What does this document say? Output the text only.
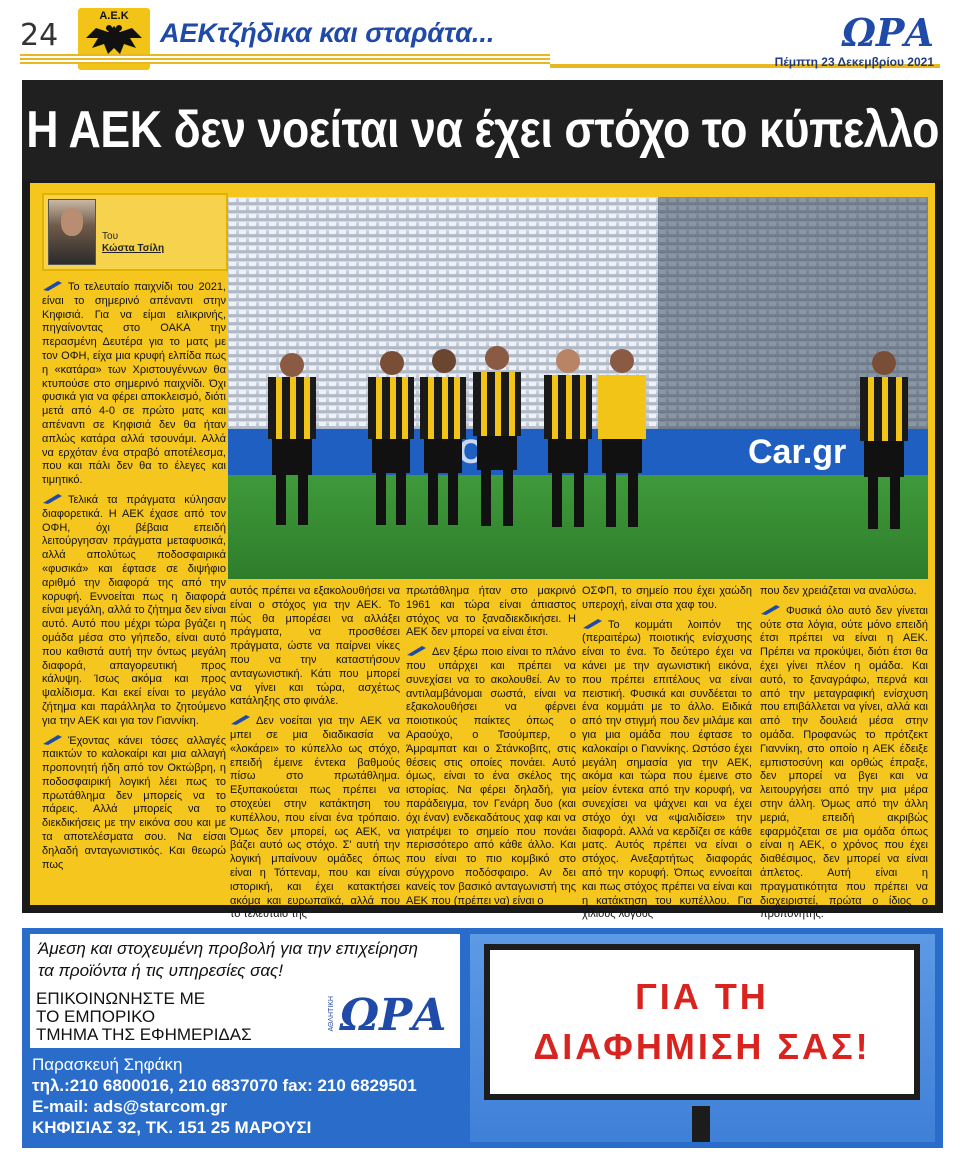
24
Α.Ε.Κ
AEKτζήδικα και σταράτα...	ΩΡΑ
Πέμπτη 23 Δεκεμβρίου 2021
Η ΑΕΚ δεν νοείται να έχει στόχο το κύπελλο
Του
Κώστα Τσίλη
Car.gr

Το τελευταίο παιχνίδι του 2021, είναι το σημερινό απέναντι στην Κηφισιά. Για να είμαι ειλικρινής, πηγαίνοντας στο ΟΑΚΑ την περασμένη Δευτέρα για το ματς με τον ΟΦΗ, είχα μια κρυφή ελπίδα πως η «κατάρα» των Χριστουγέννων θα κτυπούσε στο σημερινό παιχνίδι. Όχι φυσικά για να φέρει αποκλεισμό, διότι μετά από 4-0 σε πρώτο ματς και απέναντι σε Κηφισιά δεν θα ήταν απλώς κατάρα αλλά τσουνάμι. Αλλά να ερχόταν ένα στραβό αποτέλεσμα, που και πάλι δεν θα το έλεγες και τιμητικό.

Τελικά τα πράγματα κύλησαν διαφορετικά. Η ΑΕΚ έχασε από τον ΟΦΗ, όχι βέβαια επειδή λειτούργησαν πράγματα μεταφυσικά, αλλά απολύτως ποδοσφαιρικά «φυσικά» και έφτασε σε διψήφιο αριθμό την διαφορά της από την κορυφή. Εννοείται πως η διαφορά είναι μεγάλη, αλλά το ζήτημα δεν είναι αυτό. Αυτό που μέχρι τώρα βγάζει η ομάδα μέσα στο γήπεδο, είναι αυτό που καθιστά αυτή την όντως μεγάλη διαφορά, απαγορευτική προς κάλυψη. Ίσως ακόμα και προς ψαλίδισμα. Και εκεί είναι το μεγάλο ζήτημα και παράλληλα το ζητούμενο για την ΑΕΚ και για τον Γιαννίκη.

Έχοντας κάνει τόσες αλλαγές παικτών το καλοκαίρι και μια αλλαγή προπονητή ήδη από τον Οκτώβρη, η ποδοσφαιρική λογική λέει πως το πρωτάθλημα δεν μπορείς να το πάρεις. Αλλά μπορείς να το διεκδικήσεις με την εικόνα σου και με τα αποτελέσματα σου. Να είσαι δηλαδή ανταγωνιστικός. Και θεωρώ πως

αυτός πρέπει να εξακολουθήσει να είναι ο στόχος για την ΑΕΚ. Το πώς θα μπορέσει να αλλάξει πράγματα, να προσθέσει πράγματα, ώστε να παίρνει νίκες που να την καταστήσουν ανταγωνιστική. Κάτι που μπορεί να γίνει και τώρα, ασχέτως κατάληξης στο φινάλε.

Δεν νοείται για την ΑΕΚ να μπει σε μια διαδικασία να «λοκάρει» το κύπελλο ως στόχο, επειδή έμεινε έντεκα βαθμούς πίσω στο πρωτάθλημα. Εξυπακούεται πως πρέπει να στοχεύει στην κατάκτηση του κυπέλλου, που είναι ένα τρόπαιο. Όμως δεν μπορεί, ως ΑΕΚ, να βάζει αυτό ως στόχο. Σ' αυτή την λογική μπαίνουν ομάδες όπως είναι η Τόττεναμ, που και είναι ιστορική, και έχει κατακτήσει ακόμα και ευρωπαϊκά, αλλά που το τελευταίο της

πρωτάθλημα ήταν στο μακρινό 1961 και τώρα είναι άπιαστος στόχος να το ξαναδιεκδικήσει. Η ΑΕΚ δεν μπορεί να είναι έτσι.

Δεν ξέρω ποιο είναι το πλάνο που υπάρχει και πρέπει να συνεχίσει να το ακολουθεί. Αν το αντιλαμβάνομαι σωστά, είναι να εξακολουθήσει να φέρνει ποιοτικούς παίκτες όπως ο Αραούχο, ο Τσούμπερ, ο Άμραμπατ και ο Στάνκοβιτς, στις θέσεις στις οποίες πονάει. Αυτό όμως, είναι το ένα σκέλος της ιστορίας. Να φέρει δηλαδή, για παράδειγμα, τον Γενάρη δυο (και όχι έναν) ενδεκαδάτους χαφ και να γιατρέψει το σημείο που πονάει περισσότερο από κάθε άλλο. Και που είναι το πιο κομβικό στο σύγχρονο ποδόσφαιρο. Αν δει κανείς τον βασικό ανταγωνιστή της ΑΕΚ που (πρέπει να) είναι ο

ΟΣΦΠ, το σημείο που έχει χαώδη υπεροχή, είναι στα χαφ του.

Το κομμάτι λοιπόν της (περαιτέρω) ποιοτικής ενίσχυσης είναι το ένα. Το δεύτερο έχει να κάνει με την αγωνιστική εικόνα, που πρέπει επιτέλους να είναι πειστική. Φυσικά και συνδέεται το ένα κομμάτι με το άλλο. Ειδικά από την στιγμή που δεν μιλάμε και για μια ομάδα που έφτασε το καλοκαίρι ο Γιαννίκης. Ωστόσο έχει μεγάλη σημασία για την ΑΕΚ, ακόμα και τώρα που έμεινε στο μείον έντεκα από την κορυφή, να συνεχίσει να ψάχνει και να έχει στόχο όχι να «ψαλιδίσει» την διαφορά. Αλλά να κερδίζει σε κάθε ματς. Αυτός πρέπει να είναι ο στόχος. Ανεξαρτήτως διαφοράς από την κορυφή. Όπως εννοείται και πως στόχος πρέπει να είναι και η κατάκτηση του κυπέλλου. Για χίλιους λόγους

που δεν χρειάζεται να αναλύσω.

Φυσικά όλο αυτό δεν γίνεται ούτε στα λόγια, ούτε μόνο επειδή έτσι πρέπει να είναι η ΑΕΚ. Πρέπει να προκύψει, διότι έτσι θα έχει γίνει πλέον η ομάδα. Και αυτό, το ξαναγράφω, περνά και από την μεταγραφική ενίσχυση που επιβάλλεται να γίνει, αλλά και από την δουλειά μέσα στην ομάδα. Προφανώς το πρότζεκτ Γιαννίκη, στο οποίο η ΑΕΚ έδειξε εμπιστοσύνη και ορθώς έπραξε, δεν μπορεί να βγει και να λειτουργήσει από την μια μέρα στην άλλη. Όμως από την άλλη μεριά, επειδή ακριβώς εφαρμόζεται σε μια ομάδα όπως είναι η ΑΕΚ, ο χρόνος που έχει διαθέσιμος, δεν μπορεί να είναι άπλετος. Αυτή είναι η πραγματικότητα που πρέπει να διαχειριστεί, πρώτα ο ίδιος ο προπονητής.

Άμεση και στοχευμένη προβολή για την επιχείρηση
τα προϊόντα ή τις υπηρεσίες σας!
ΕΠΙΚΟΙΝΩΝΗΣΤΕ ΜΕ
ΤΟ ΕΜΠΟΡΙΚΟ
ΤΜΗΜΑ ΤΗΣ ΕΦΗΜΕΡΙΔΑΣ
ΑΘΛΗΤΙΚΗ ΩΡΑ
Παρασκευή Σηφάκη
τηλ.:210 6800016, 210 6837070 fax: 210 6829501
E-mail: ads@starcom.gr
ΚΗΦΙΣΙΑΣ 32, ΤΚ. 151 25 ΜΑΡΟΥΣΙ
ΓΙΑ ΤΗ
ΔΙΑΦΗΜΙΣΗ ΣΑΣ!
